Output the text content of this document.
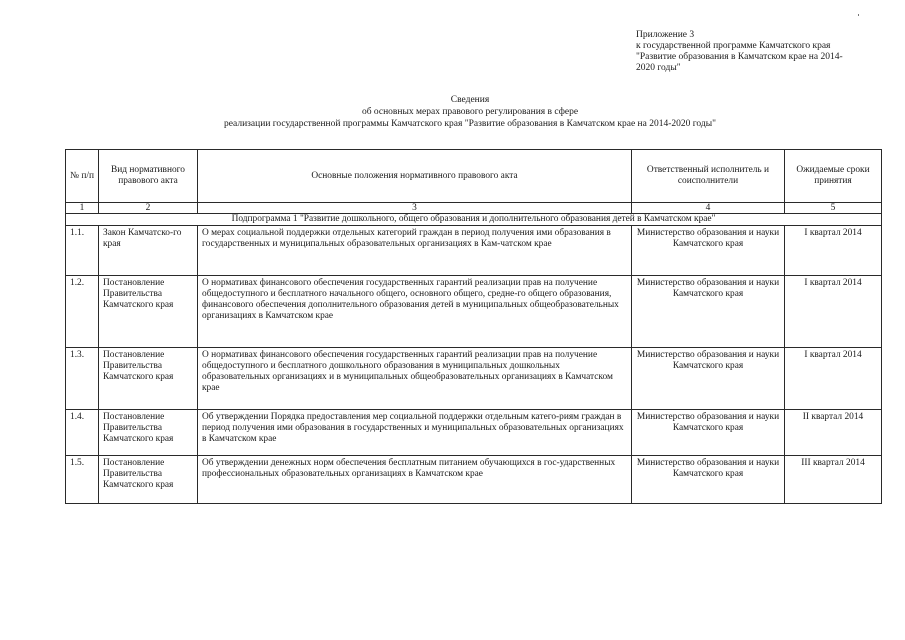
Приложение 3
к государственной программе Камчатского края
"Развитие образования в Камчатском крае на 2014-
2020 годы"
Сведения
об основных мерах правового регулирования в сфере
реализации государственной программы Камчатского края "Развитие образования в Камчатском крае на 2014-2020 годы"
№ п/п	Вид нормативного правового акта	Основные положения нормативного правового акта	Ответственный исполнитель и соисполнители	Ожидаемые сроки принятия
1	2	3	4	5
Подпрограмма 1 "Развитие дошкольного, общего образования и дополнительного образования детей в Камчатском крае"				
1.1.	Закон Камчатско-го края	О мерах социальной поддержки отдельных категорий граждан в период получения ими образования в государственных и муниципальных образовательных организациях в Кам-чатском крае	Министерство образования и науки Камчатского края	I квартал 2014
1.2.	Постановление Правительства Камчатского края	О нормативах финансового обеспечения государственных гарантий реализации прав на получение общедоступного и бесплатного начального общего, основного общего, средне-го общего образования, финансового обеспечения дополнительного образования детей в муниципальных общеобразовательных организациях в Камчатском крае	Министерство образования и науки Камчатского края	I квартал 2014
1.3.	Постановление Правительства Камчатского края	О нормативах финансового обеспечения государственных гарантий реализации прав на получение общедоступного и бесплатного дошкольного образования в муниципальных дошкольных образовательных организациях и в муниципальных общеобразовательных организациях в Камчатском крае	Министерство образования и науки Камчатского края	I квартал 2014
1.4.	Постановление Правительства Камчатского края	Об утверждении Порядка предоставления мер социальной поддержки отдельным катего-риям граждан в период получения ими образования в государственных и муниципальных образовательных организациях в Камчатском крае	Министерство образования и науки Камчатского края	II квартал 2014
1.5.	Постановление Правительства Камчатского края	Об утверждении денежных норм обеспечения бесплатным питанием обучающихся в гос-ударственных профессиональных образовательных организациях в Камчатском крае	Министерство образования и науки Камчатского края	III квартал 2014
